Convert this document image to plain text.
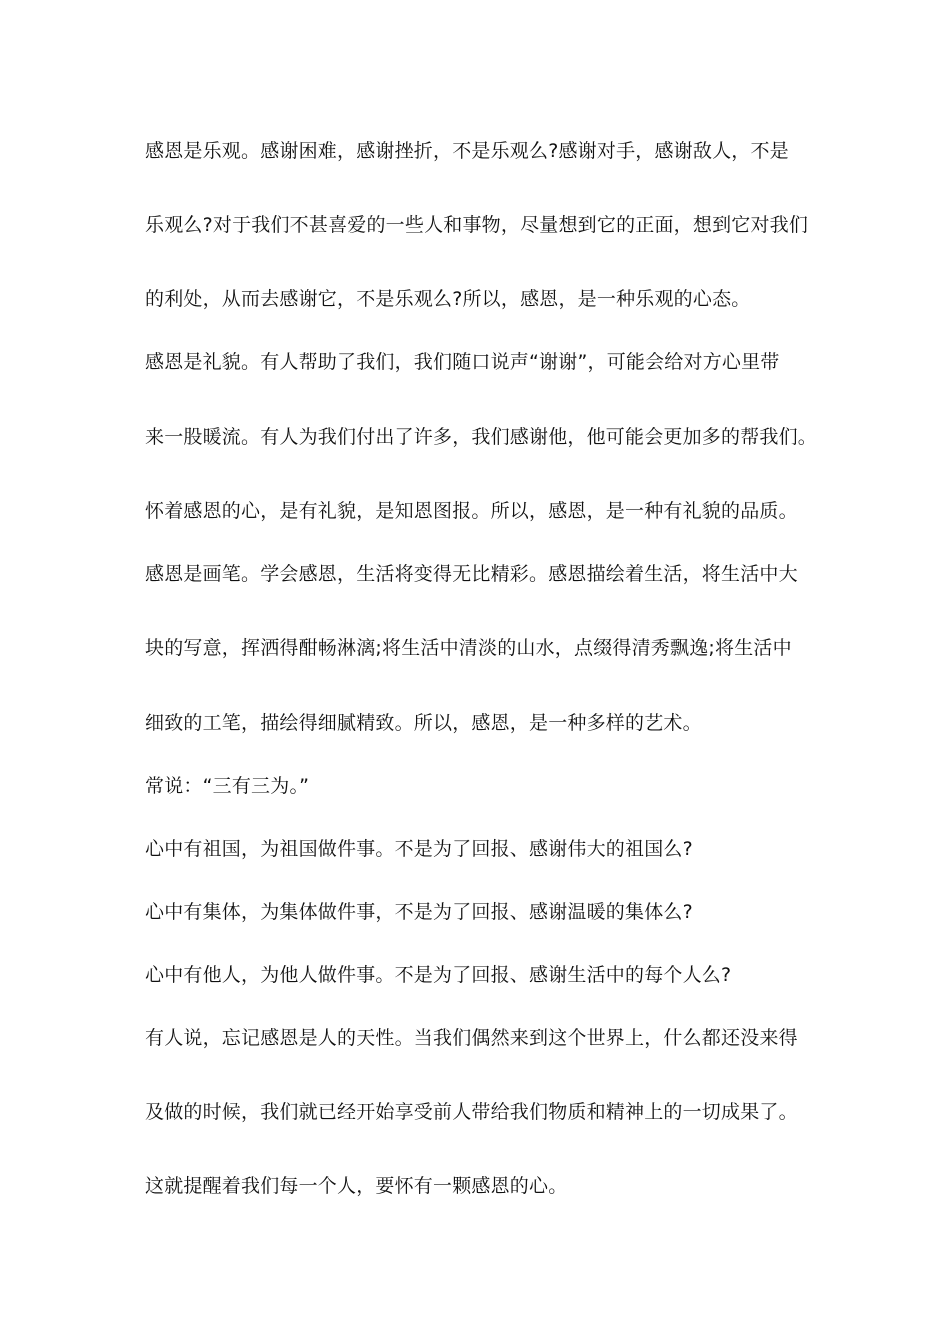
感恩是乐观。感谢困难，感谢挫折，不是乐观么?感谢对手，感谢敌人，不是
乐观么?对于我们不甚喜爱的一些人和事物，尽量想到它的正面，想到它对我们
的利处，从而去感谢它，不是乐观么?所以，感恩，是一种乐观的心态。
感恩是礼貌。有人帮助了我们，我们随口说声“谢谢”，可能会给对方心里带
来一股暖流。有人为我们付出了许多，我们感谢他，他可能会更加多的帮我们。
怀着感恩的心，是有礼貌，是知恩图报。所以，感恩，是一种有礼貌的品质。
感恩是画笔。学会感恩，生活将变得无比精彩。感恩描绘着生活，将生活中大
块的写意，挥洒得酣畅淋漓;将生活中清淡的山水，点缀得清秀飘逸;将生活中
细致的工笔，描绘得细腻精致。所以，感恩，是一种多样的艺术。
常说：“三有三为。”
心中有祖国，为祖国做件事。不是为了回报、感谢伟大的祖国么?
心中有集体，为集体做件事，不是为了回报、感谢温暖的集体么?
心中有他人，为他人做件事。不是为了回报、感谢生活中的每个人么?
有人说，忘记感恩是人的天性。当我们偶然来到这个世界上，什么都还没来得
及做的时候，我们就已经开始享受前人带给我们物质和精神上的一切成果了。
这就提醒着我们每一个人，要怀有一颗感恩的心。
